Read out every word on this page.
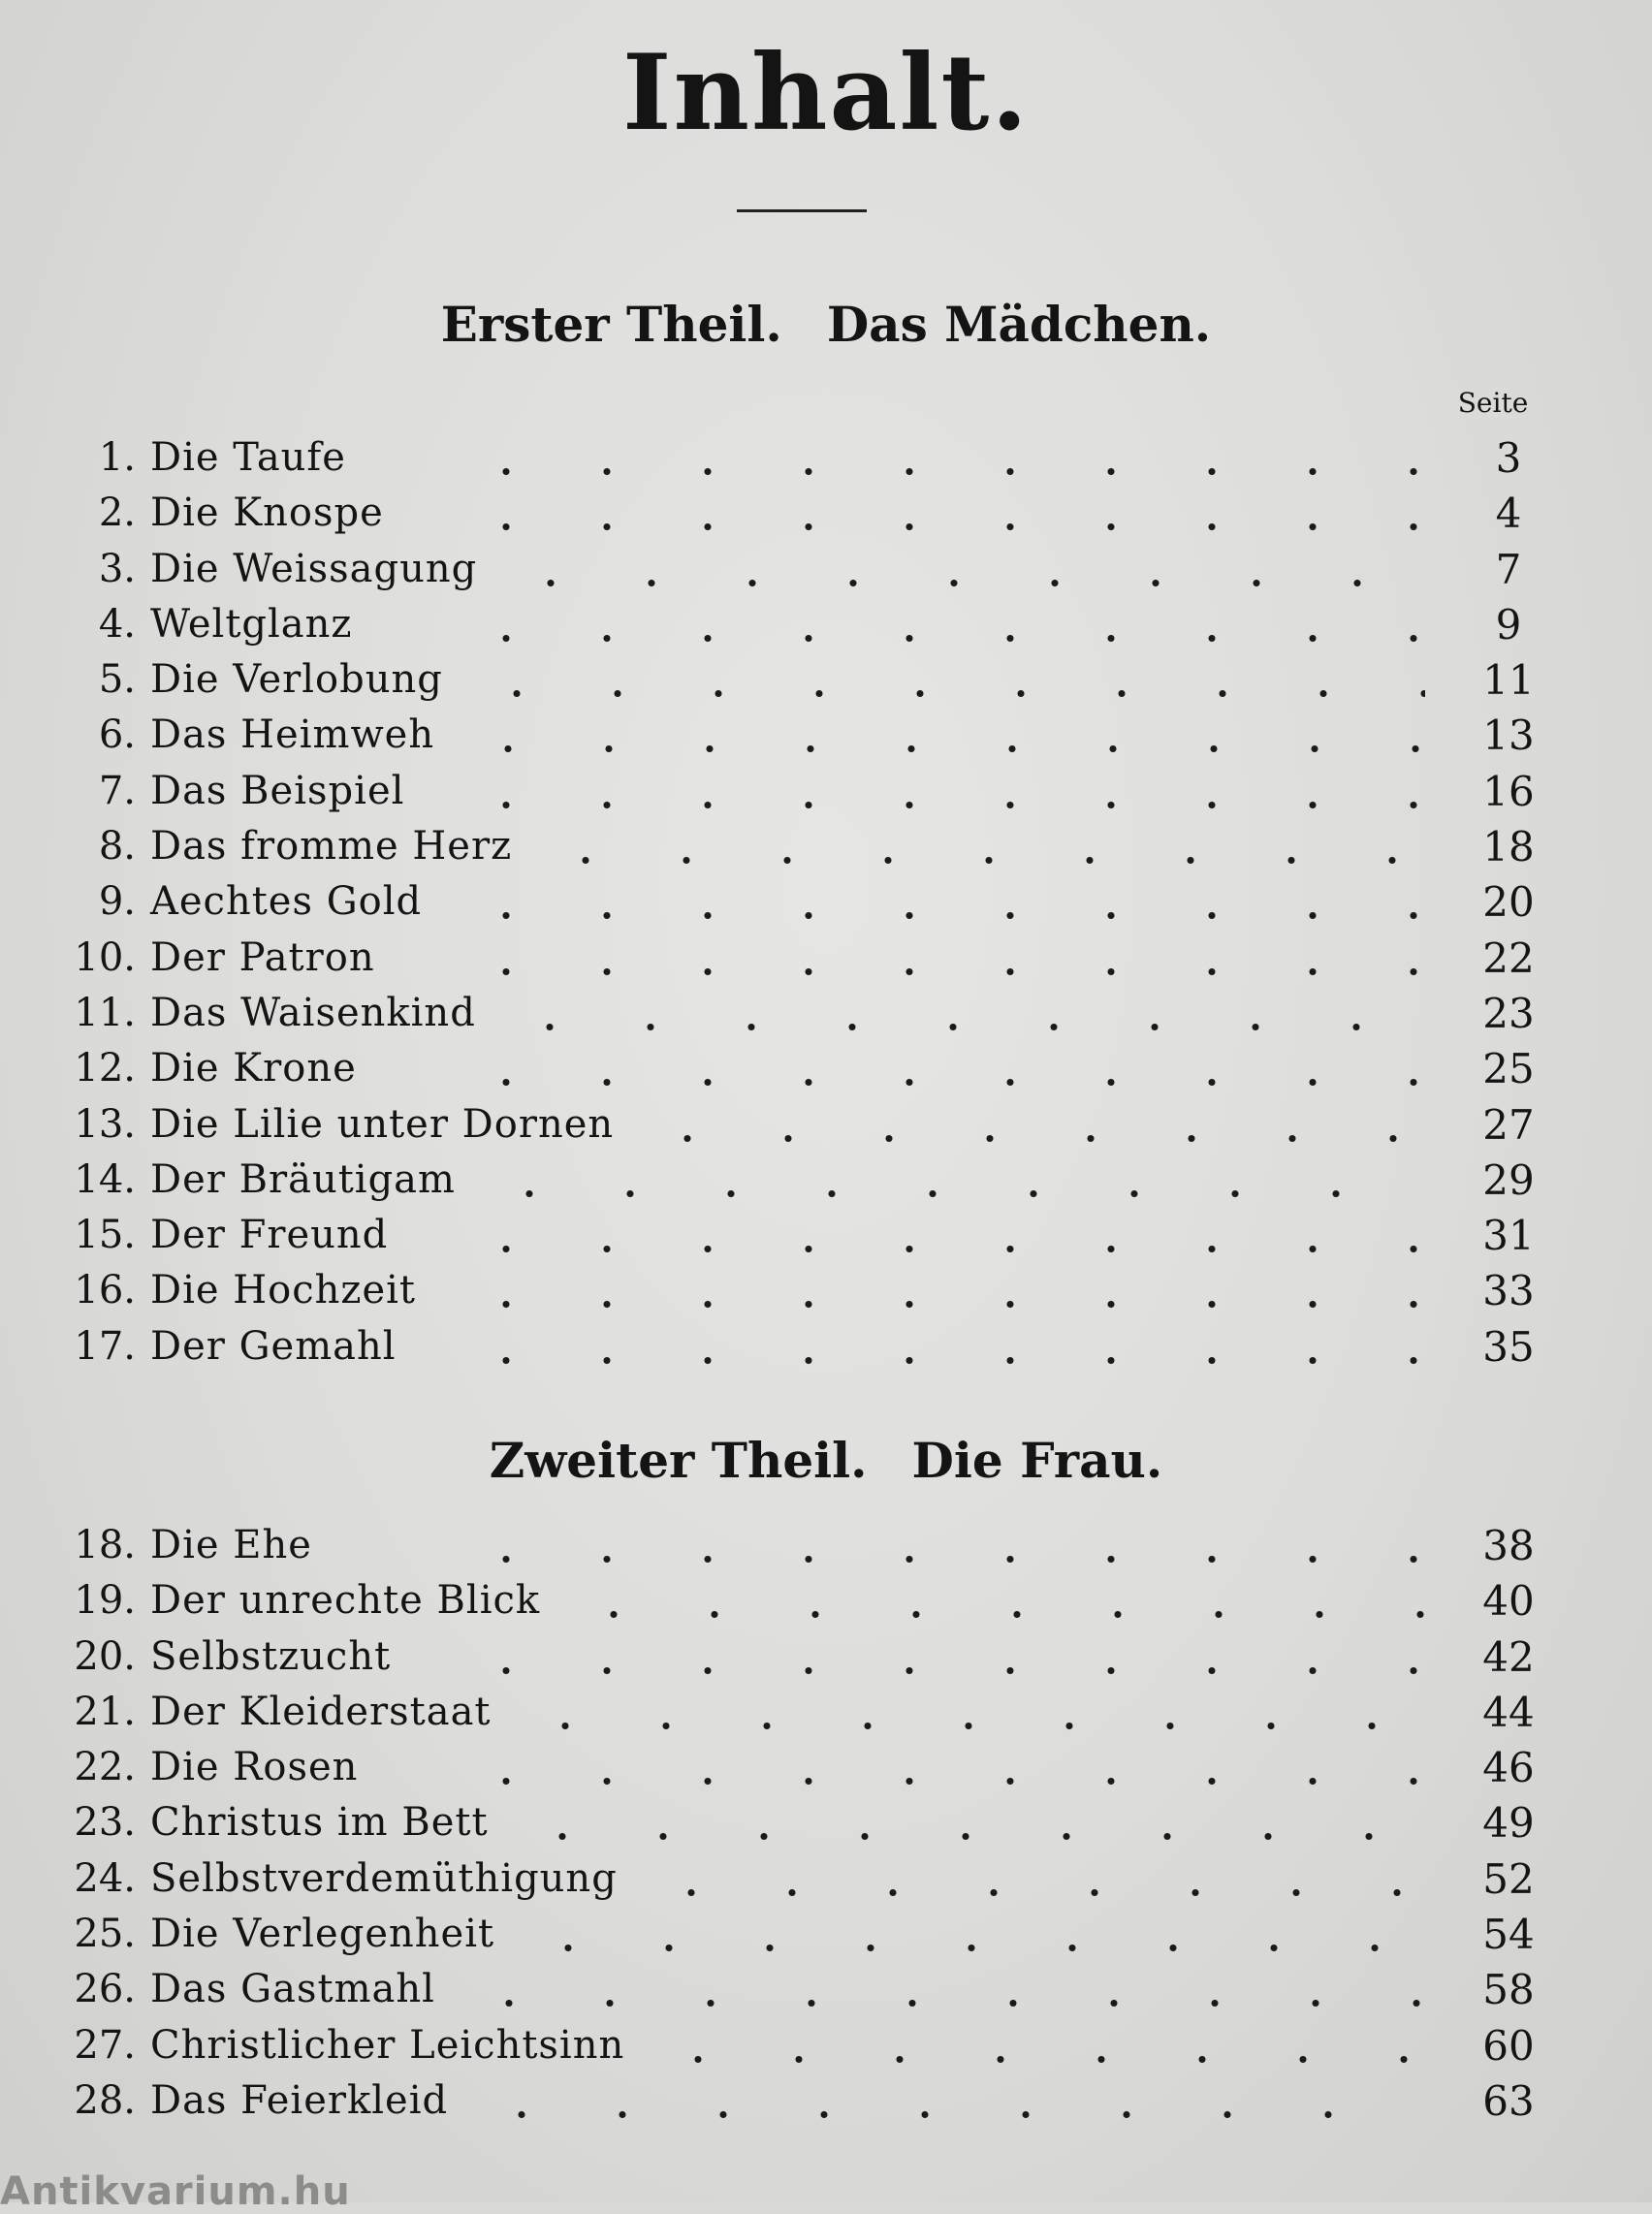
Inhalt.
Erster Theil. Das Mädchen.
Seite
1. Die Taufe	3
2. Die Knospe	4
3. Die Weissagung	7
4. Weltglanz	9
5. Die Verlobung	11
6. Das Heimweh	13
7. Das Beispiel	16
8. Das fromme Herz	18
9. Aechtes Gold	20
10. Der Patron	22
11. Das Waisenkind	23
12. Die Krone	25
13. Die Lilie unter Dornen	27
14. Der Bräutigam	29
15. Der Freund	31
16. Die Hochzeit	33
17. Der Gemahl	35
Zweiter Theil. Die Frau.
18. Die Ehe	38
19. Der unrechte Blick	40
20. Selbstzucht	42
21. Der Kleiderstaat	44
22. Die Rosen	46
23. Christus im Bett	49
24. Selbstverdemüthigung	52
25. Die Verlegenheit	54
26. Das Gastmahl	58
27. Christlicher Leichtsinn	60
28. Das Feierkleid	63
Antikvarium.hu
